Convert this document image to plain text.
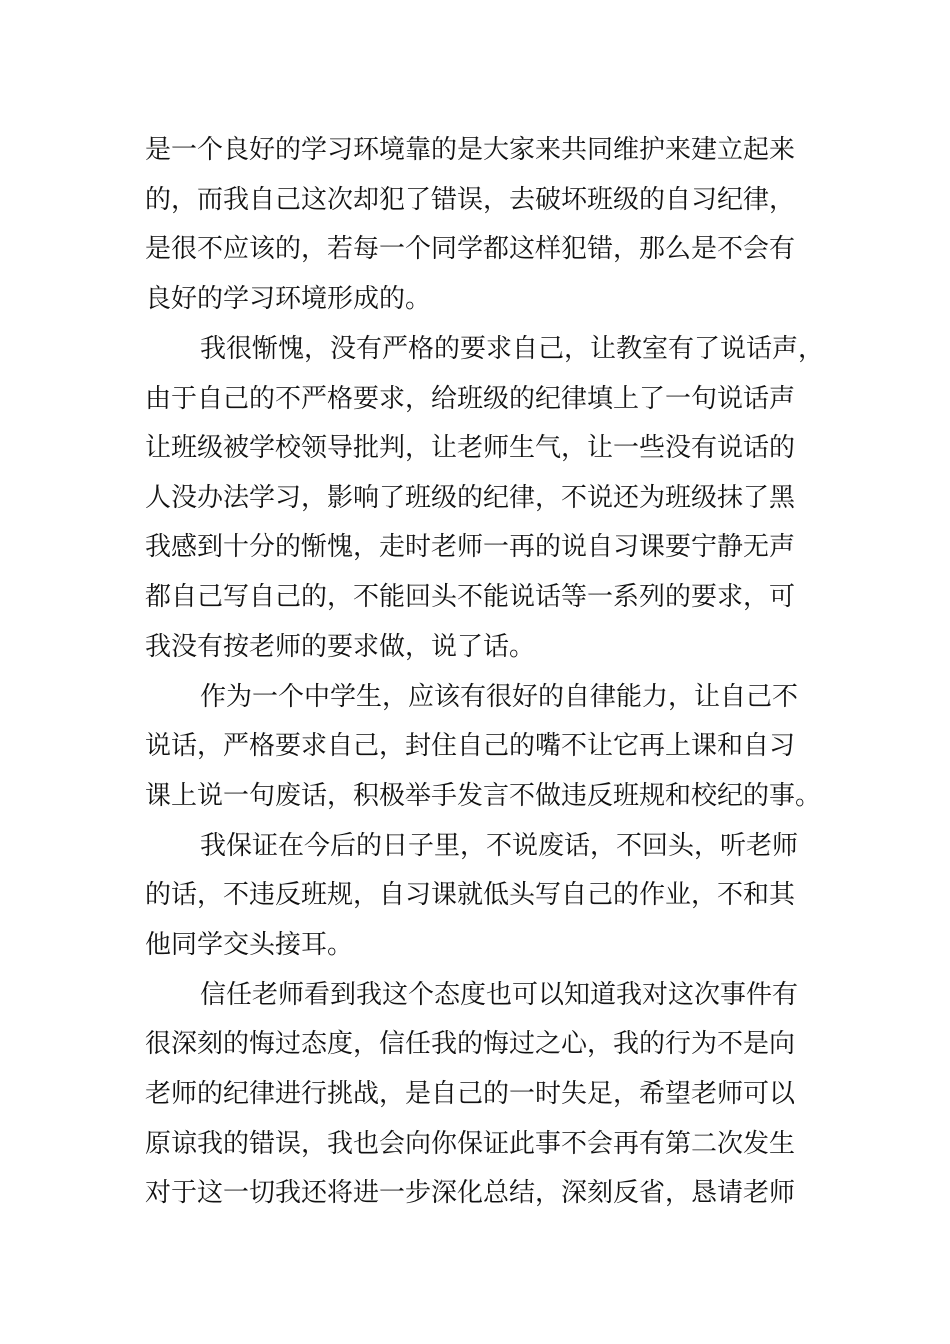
是一个良好的学习环境靠的是大家来共同维护来建立起来
的，而我自己这次却犯了错误，去破坏班级的自习纪律，
是很不应该的，若每一个同学都这样犯错，那么是不会有
良好的学习环境形成的。
我很惭愧，没有严格的要求自己，让教室有了说话声，
由于自己的不严格要求，给班级的纪律填上了一句说话声
让班级被学校领导批判，让老师生气，让一些没有说话的
人没办法学习，影响了班级的纪律，不说还为班级抹了黑
我感到十分的惭愧，走时老师一再的说自习课要宁静无声
都自己写自己的，不能回头不能说话等一系列的要求，可
我没有按老师的要求做，说了话。
作为一个中学生，应该有很好的自律能力，让自己不
说话，严格要求自己，封住自己的嘴不让它再上课和自习
课上说一句废话，积极举手发言不做违反班规和校纪的事。
我保证在今后的日子里，不说废话，不回头，听老师
的话，不违反班规，自习课就低头写自己的作业，不和其
他同学交头接耳。
信任老师看到我这个态度也可以知道我对这次事件有
很深刻的悔过态度，信任我的悔过之心，我的行为不是向
老师的纪律进行挑战，是自己的一时失足，希望老师可以
原谅我的错误，我也会向你保证此事不会再有第二次发生
对于这一切我还将进一步深化总结，深刻反省，恳请老师
